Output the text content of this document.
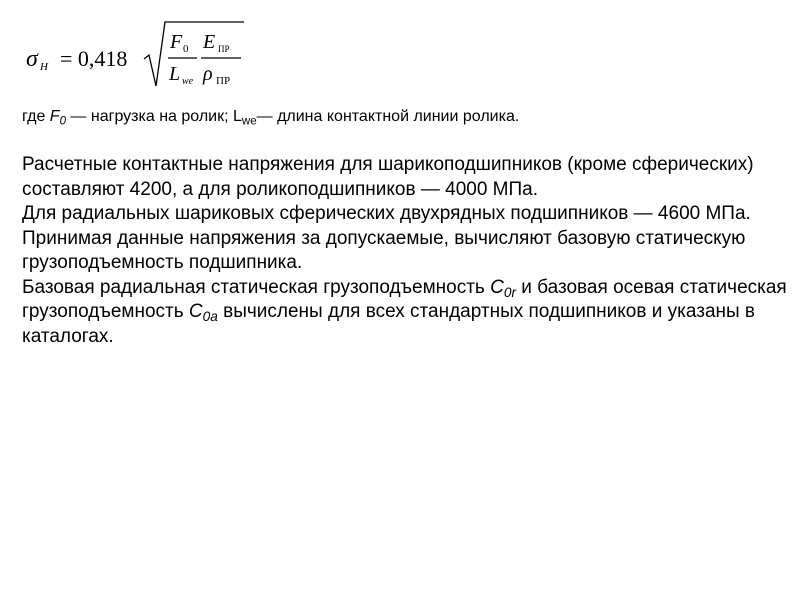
σ H = 0,418
F 0 E ПР
L we ρ ПР
где $F_0$ — нагрузка на ролик; $L_{we}—$ длина контактной линии ролика.

Расчетные контактные напряжения для шарикоподшипников (кроме сферических) составляют 4200, а для роликоподшипников — 4000 МПа.

Для радиальных шариковых сферических двухрядных подшипников — 4600 МПа.

Принимая данные напряжения за допускаемые, вычисляют базовую статическую грузоподъемность подшипника.

Базовая радиальная статическая грузоподъемность $C_{0r}$ и базовая осевая статическая грузоподъемность $C_{0a}$ вычислены для всех стандартных подшипников и указаны в каталогах.
